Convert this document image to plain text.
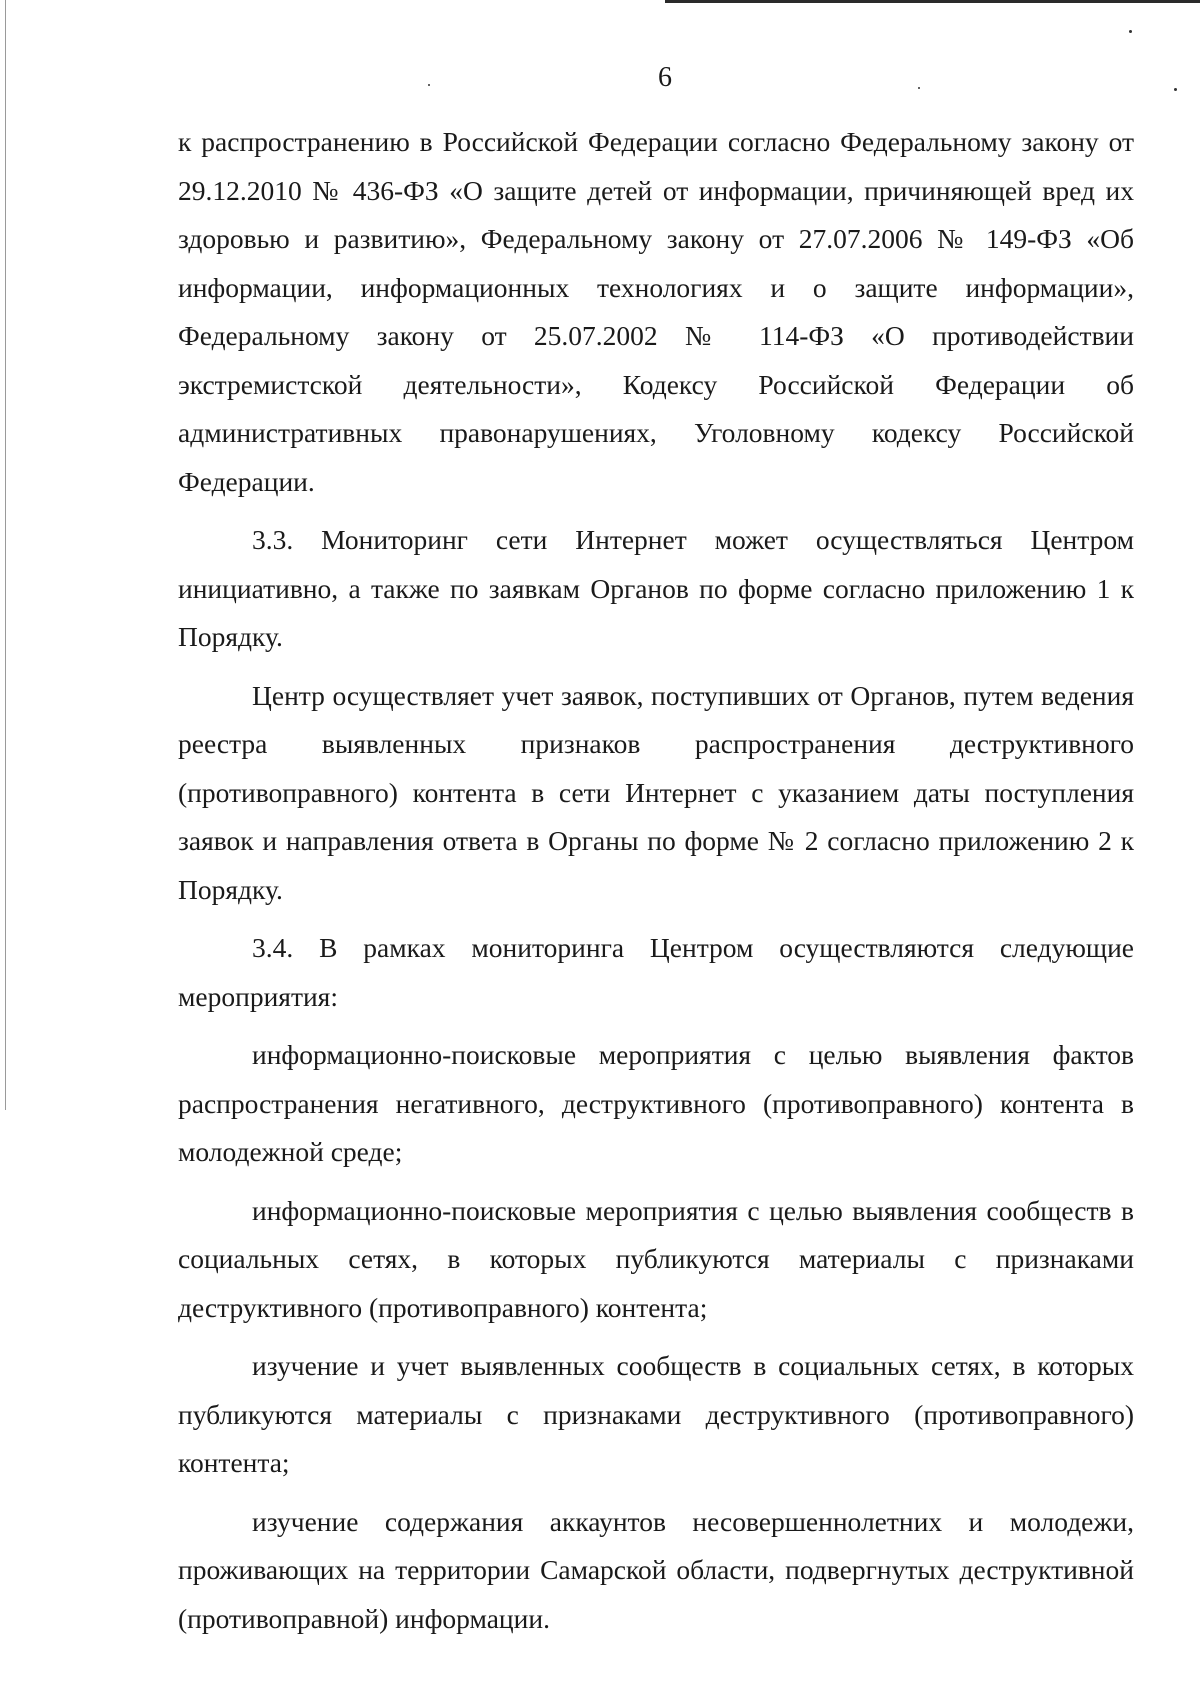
6

к распространению в Российской Федерации согласно Федеральному закону от 29.12.2010 № 436-ФЗ «О защите детей от информации, причиняющей вред их здоровью и развитию», Федеральному закону от 27.07.2006 № 149-ФЗ «Об информации, информационных технологиях и о защите информации», Федеральному закону от 25.07.2002 № 114-ФЗ «О противодействии экстремистской деятельности», Кодексу Российской Федерации об административных правонарушениях, Уголовному кодексу Российской Федерации.

3.3. Мониторинг сети Интернет может осуществляться Центром инициативно, а также по заявкам Органов по форме согласно приложению 1 к Порядку.

Центр осуществляет учет заявок, поступивших от Органов, путем ведения реестра выявленных признаков распространения деструктивного (противоправного) контента в сети Интернет с указанием даты поступления заявок и направления ответа в Органы по форме № 2 согласно приложению 2 к Порядку.

3.4. В рамках мониторинга Центром осуществляются следующие мероприятия:

информационно-поисковые мероприятия с целью выявления фактов распространения негативного, деструктивного (противоправного) контента в молодежной среде;

информационно-поисковые мероприятия с целью выявления сообществ в социальных сетях, в которых публикуются материалы с признаками деструктивного (противоправного) контента;

изучение и учет выявленных сообществ в социальных сетях, в которых публикуются материалы с признаками деструктивного (противоправного) контента;

изучение содержания аккаунтов несовершеннолетних и молодежи, проживающих на территории Самарской области, подвергнутых деструктивной (противоправной) информации.
